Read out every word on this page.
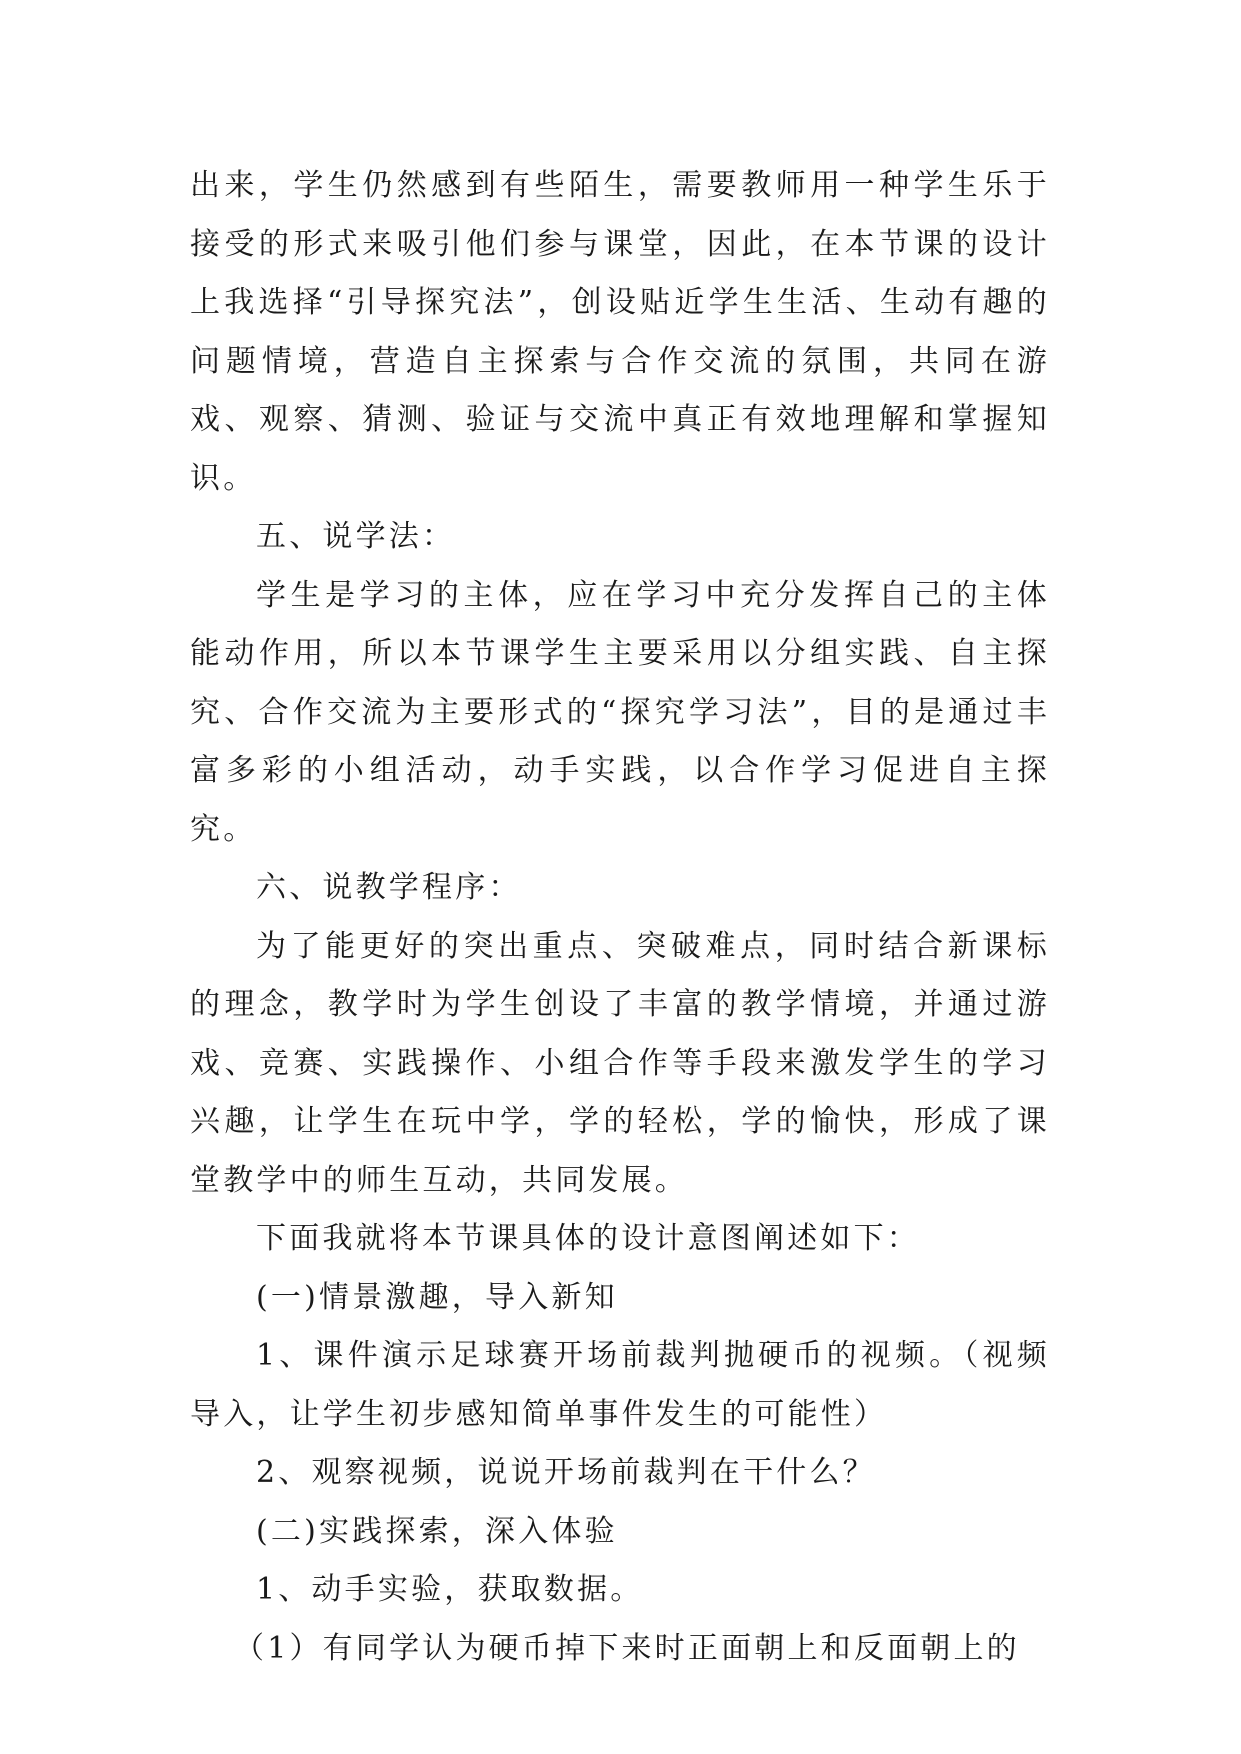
出来，学生仍然感到有些陌生，需要教师用一种学生乐于接受的形式来吸引他们参与课堂，因此，在本节课的设计上我选择“引导探究法”，创设贴近学生生活、生动有趣的问题情境，营造自主探索与合作交流的氛围，共同在游戏、观察、猜测、验证与交流中真正有效地理解和掌握知识。

五、说学法：

学生是学习的主体，应在学习中充分发挥自己的主体能动作用，所以本节课学生主要采用以分组实践、自主探究、合作交流为主要形式的“探究学习法”，目的是通过丰富多彩的小组活动，动手实践，以合作学习促进自主探究。

六、说教学程序：

为了能更好的突出重点、突破难点，同时结合新课标的理念，教学时为学生创设了丰富的教学情境，并通过游戏、竞赛、实践操作、小组合作等手段来激发学生的学习兴趣，让学生在玩中学，学的轻松，学的愉快，形成了课堂教学中的师生互动，共同发展。

下面我就将本节课具体的设计意图阐述如下：

(一)情景激趣，导入新知

1、课件演示足球赛开场前裁判抛硬币的视频。（视频导入，让学生初步感知简单事件发生的可能性）

2、观察视频，说说开场前裁判在干什么？

(二)实践探索，深入体验

1、动手实验，获取数据。

（1）有同学认为硬币掉下来时正面朝上和反面朝上的
